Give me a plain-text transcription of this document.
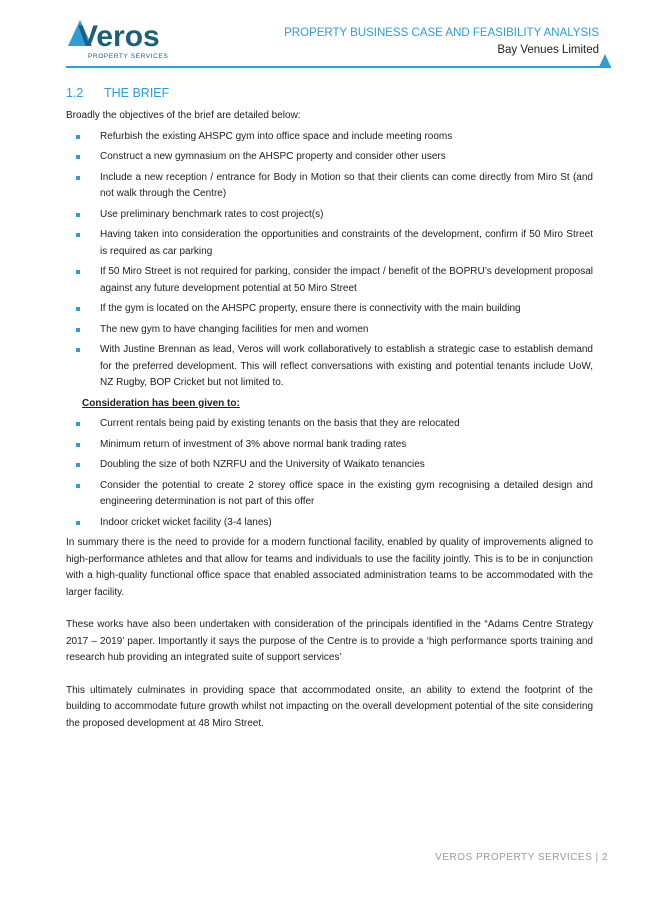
Veros
PROPERTY SERVICES
PROPERTY BUSINESS CASE AND FEASIBILITY ANALYSIS
Bay Venues Limited
1.2 THE BRIEF

Broadly the objectives of the brief are detailed below:

Refurbish the existing AHSPC gym into office space and include meeting rooms
Construct a new gymnasium on the AHSPC property and consider other users
Include a new reception / entrance for Body in Motion so that their clients can come directly from Miro St (and not walk through the Centre)
Use preliminary benchmark rates to cost project(s)
Having taken into consideration the opportunities and constraints of the development, confirm if 50 Miro Street is required as car parking
If 50 Miro Street is not required for parking, consider the impact / benefit of the BOPRU’s development proposal against any future development potential at 50 Miro Street
If the gym is located on the AHSPC property, ensure there is connectivity with the main building
The new gym to have changing facilities for men and women
With Justine Brennan as lead, Veros will work collaboratively to establish a strategic case to establish demand for the preferred development. This will reflect conversations with existing and potential tenants include UoW, NZ Rugby, BOP Cricket but not limited to.
Consideration has been given to:
Current rentals being paid by existing tenants on the basis that they are relocated
Minimum return of investment of 3% above normal bank trading rates
Doubling the size of both NZRFU and the University of Waikato tenancies
Consider the potential to create 2 storey office space in the existing gym recognising a detailed design and engineering determination is not part of this offer
Indoor cricket wicket facility (3-4 lanes)

In summary there is the need to provide for a modern functional facility, enabled by quality of improvements aligned to high-performance athletes and that allow for teams and individuals to use the facility jointly. This is to be in conjunction with a high-quality functional office space that enabled associated administration teams to be accommodated with the larger facility.

These works have also been undertaken with consideration of the principals identified in the “Adams Centre Strategy 2017 – 2019’ paper. Importantly it says the purpose of the Centre is to provide a ‘high performance sports training and research hub providing an integrated suite of support services’

This ultimately culminates in providing space that accommodated onsite, an ability to extend the footprint of the building to accommodate future growth whilst not impacting on the overall development potential of the site considering the proposed development at 48 Miro Street.

VEROS PROPERTY SERVICES | 2
